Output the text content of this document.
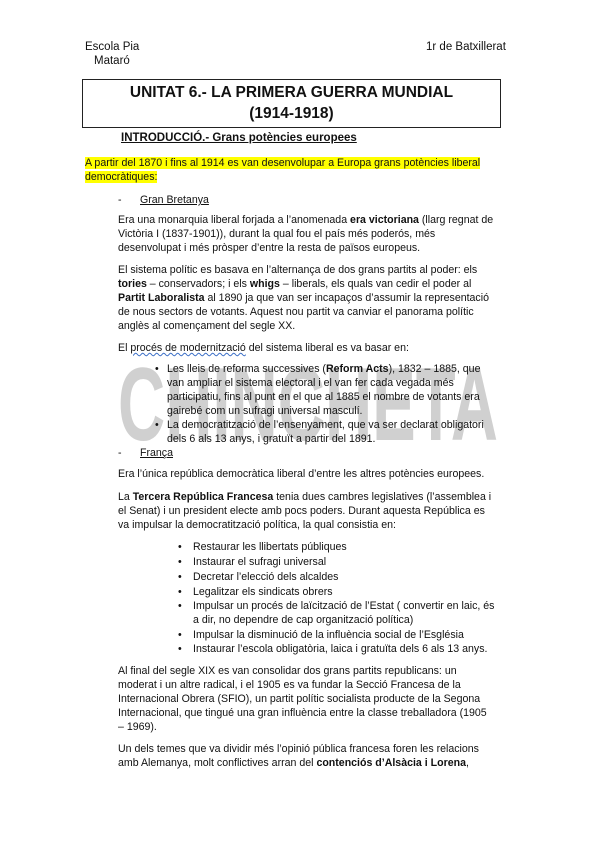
Escola Pia
Mataró
1r de Batxillerat
UNITAT 6.- LA PRIMERA GUERRA MUNDIAL
(1914-1918)
INTRODUCCIÓ.- Grans potències europees
A partir del 1870 i fins al 1914 es van desenvolupar a Europa grans potències liberal
democràtiques:
CHINCHETA
- Gran Bretanya
Era una monarquia liberal forjada a l’anomenada era victoriana (llarg regnat de
Victòria I (1837-1901)), durant la qual fou el país més poderós, més
desenvolupat i més pròsper d’entre la resta de països europeus.
El sistema polític es basava en l’alternança de dos grans partits al poder: els
tories – conservadors; i els whigs – liberals, els quals van cedir el poder al
Partit Laboralista al 1890 ja que van ser incapaços d’assumir la representació
de nous sectors de votants. Aquest nou partit va canviar el panorama polític
anglès al començament del segle XX.
El procés de modernització del sistema liberal es va basar en:
• Les lleis de reforma successives (Reform Acts), 1832 – 1885, que
van ampliar el sistema electoral i el van fer cada vegada més
participatiu, fins al punt en el que al 1885 el nombre de votants era
gairebé com un sufragi universal masculí.
• La democratització de l’ensenyament, que va ser declarat obligatori
dels 6 als 13 anys, i gratuït a partir del 1891.
- França
Era l’única república democràtica liberal d’entre les altres potències europees.
La Tercera República Francesa tenia dues cambres legislatives (l’assemblea i
el Senat) i un president electe amb pocs poders. Durant aquesta República es
va impulsar la democratització política, la qual consistia en:
• Restaurar les llibertats públiques
• Instaurar el sufragi universal
• Decretar l’elecció dels alcaldes
• Legalitzar els sindicats obrers
• Impulsar un procés de laïcització de l’Estat ( convertir en laic, és
a dir, no dependre de cap organització política)
• Impulsar la disminució de la influència social de l’Església
• Instaurar l’escola obligatòria, laica i gratuïta dels 6 als 13 anys.
Al final del segle XIX es van consolidar dos grans partits republicans: un
moderat i un altre radical, i el 1905 es va fundar la Secció Francesa de la
Internacional Obrera (SFIO), un partit polític socialista producte de la Segona
Internacional, que tingué una gran influència entre la classe treballadora (1905
– 1969).
Un dels temes que va dividir més l’opinió pública francesa foren les relacions
amb Alemanya, molt conflictives arran del contenciós d’Alsàcia i Lorena,
